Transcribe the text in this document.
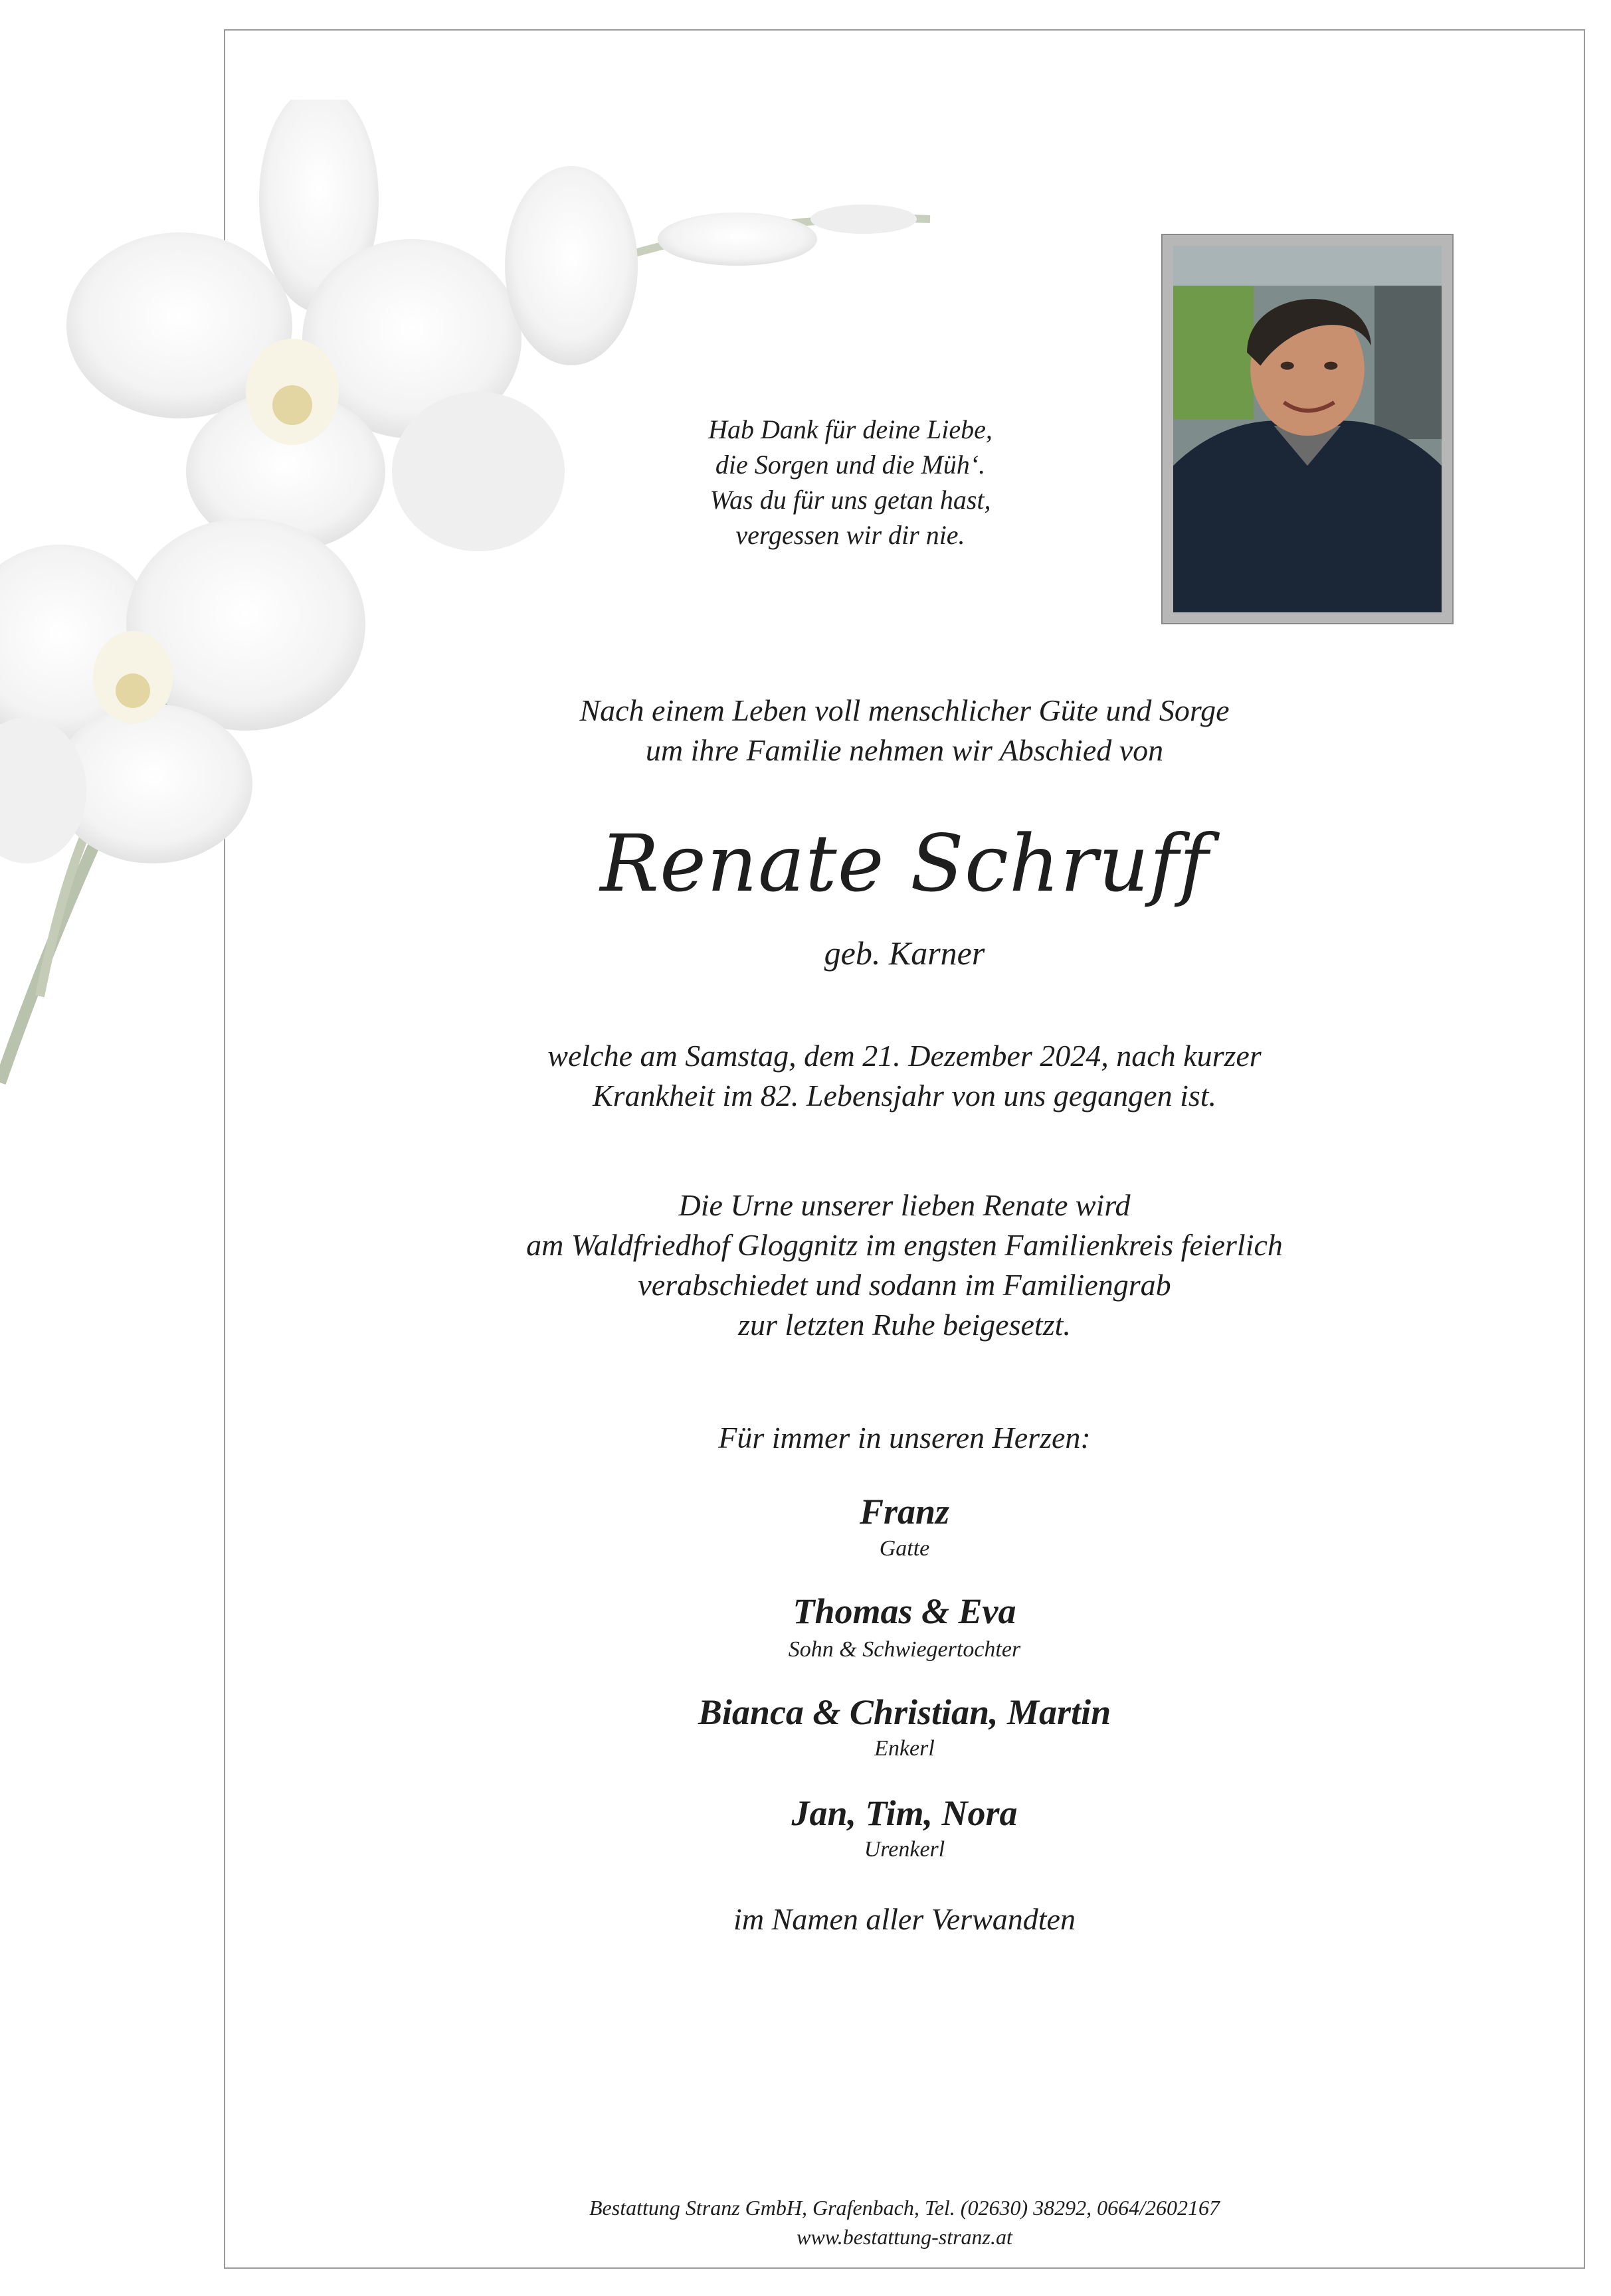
Hab Dank für deine Liebe,
die Sorgen und die Müh‘.
Was du für uns getan hast,
vergessen wir dir nie.
Nach einem Leben voll menschlicher Güte und Sorge
um ihre Familie nehmen wir Abschied von
Renate Schruff
geb. Karner
welche am Samstag, dem 21. Dezember 2024, nach kurzer
Krankheit im 82. Lebensjahr von uns gegangen ist.
Die Urne unserer lieben Renate wird
am Waldfriedhof Gloggnitz im engsten Familienkreis feierlich
verabschiedet und sodann im Familiengrab
zur letzten Ruhe beigesetzt.
Für immer in unseren Herzen:
Franz
Gatte
Thomas & Eva
Sohn & Schwiegertochter
Bianca & Christian, Martin
Enkerl
Jan, Tim, Nora
Urenkerl
im Namen aller Verwandten
Bestattung Stranz GmbH, Grafenbach, Tel. (02630) 38292, 0664/2602167
www.bestattung-stranz.at
